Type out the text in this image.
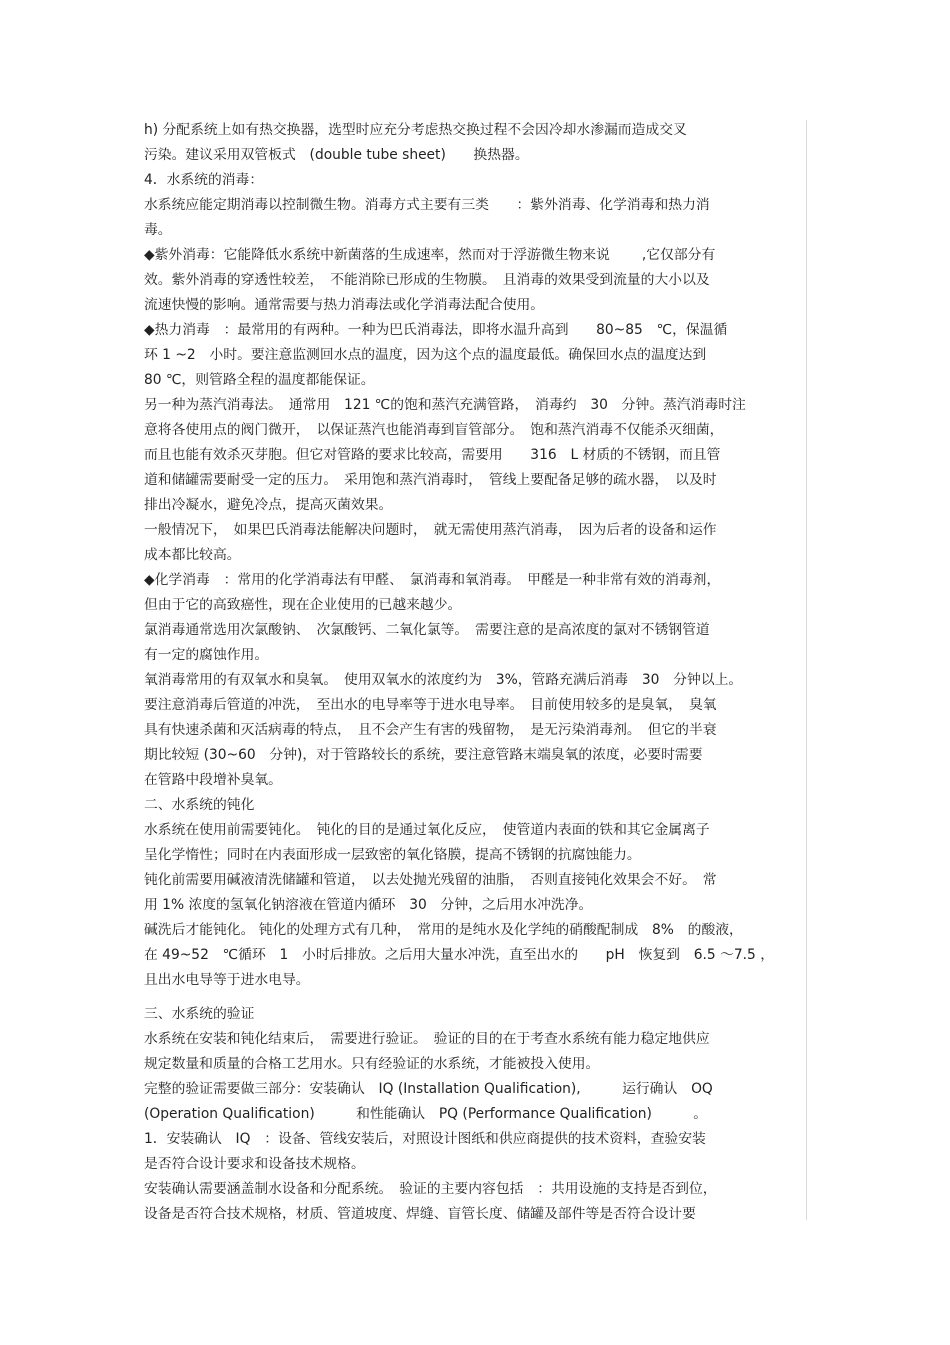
h) 分配系统上如有热交换器，选型时应充分考虑热交换过程不会因冷却水渗漏而造成交叉
污染。建议采用双管板式　(double tube sheet)　　换热器。
4．水系统的消毒：
水系统应能定期消毒以控制微生物。消毒方式主要有三类　　：紫外消毒、化学消毒和热力消
毒。
◆紫外消毒：它能降低水系统中新菌落的生成速率，然而对于浮游微生物来说　　 ,它仅部分有
效。紫外消毒的穿透性较差，　不能消除已形成的生物膜。　且消毒的效果受到流量的大小以及
流速快慢的影响。通常需要与热力消毒法或化学消毒法配合使用。
◆热力消毒　：最常用的有两种。一种为巴氏消毒法，即将水温升高到　　80~85　℃，保温循
环 1 ~2　小时。要注意监测回水点的温度，因为这个点的温度最低。确保回水点的温度达到
80 ℃，则管路全程的温度都能保证。
另一种为蒸汽消毒法。　通常用　121 ℃的饱和蒸汽充满管路，　消毒约　30　分钟。蒸汽消毒时注
意将各使用点的阀门微开，　以保证蒸汽也能消毒到盲管部分。　饱和蒸汽消毒不仅能杀灭细菌，
而且也能有效杀灭芽胞。但它对管路的要求比较高，需要用　　316　L 材质的不锈钢，而且管
道和储罐需要耐受一定的压力。　采用饱和蒸汽消毒时，　管线上要配备足够的疏水器，　以及时
排出冷凝水，避免冷点，提高灭菌效果。
一般情况下，　如果巴氏消毒法能解决问题时，　就无需使用蒸汽消毒，　因为后者的设备和运作
成本都比较高。
◆化学消毒　：常用的化学消毒法有甲醛、　氯消毒和氧消毒。　甲醛是一种非常有效的消毒剂，
但由于它的高致癌性，现在企业使用的已越来越少。
氯消毒通常选用次氯酸钠、　次氯酸钙、二氧化氯等。　需要注意的是高浓度的氯对不锈钢管道
有一定的腐蚀作用。
氧消毒常用的有双氧水和臭氧。　使用双氧水的浓度约为　3%，管路充满后消毒　30　分钟以上。
要注意消毒后管道的冲洗，　至出水的电导率等于进水电导率。　目前使用较多的是臭氧，　臭氧
具有快速杀菌和灭活病毒的特点，　且不会产生有害的残留物，　是无污染消毒剂。　但它的半衰
期比较短 (30~60　分钟)，对于管路较长的系统，要注意管路末端臭氧的浓度，必要时需要
在管路中段增补臭氧。
二、水系统的钝化
水系统在使用前需要钝化。　钝化的目的是通过氧化反应，　使管道内表面的铁和其它金属离子
呈化学惰性；同时在内表面形成一层致密的氧化铬膜，提高不锈钢的抗腐蚀能力。
钝化前需要用碱液清洗储罐和管道，　以去处抛光残留的油脂，　否则直接钝化效果会不好。　常
用 1% 浓度的氢氧化钠溶液在管道内循环　30　分钟，之后用水冲洗净。
碱洗后才能钝化。 钝化的处理方式有几种，　常用的是纯水及化学纯的硝酸配制成　8%　的酸液，
在 49~52　℃循环　1　小时后排放。之后用大量水冲洗，直至出水的　　pH　恢复到　6.5 ～7.5 ，
且出水电导等于进水电导。
三、水系统的验证
水系统在安装和钝化结束后，　需要进行验证。　验证的目的在于考查水系统有能力稳定地供应
规定数量和质量的合格工艺用水。只有经验证的水系统，才能被投入使用。
完整的验证需要做三部分：安装确认　IQ (Installation Qualification),　　　运行确认　OQ
(Operation Qualification)　　　和性能确认　PQ (Performance Qualification)　　　。
1．安装确认　IQ　：设备、管线安装后，对照设计图纸和供应商提供的技术资料，查验安装
是否符合设计要求和设备技术规格。
安装确认需要涵盖制水设备和分配系统。　验证的主要内容包括　：共用设施的支持是否到位，
设备是否符合技术规格，材质、管道坡度、焊缝、盲管长度、储罐及部件等是否符合设计要
